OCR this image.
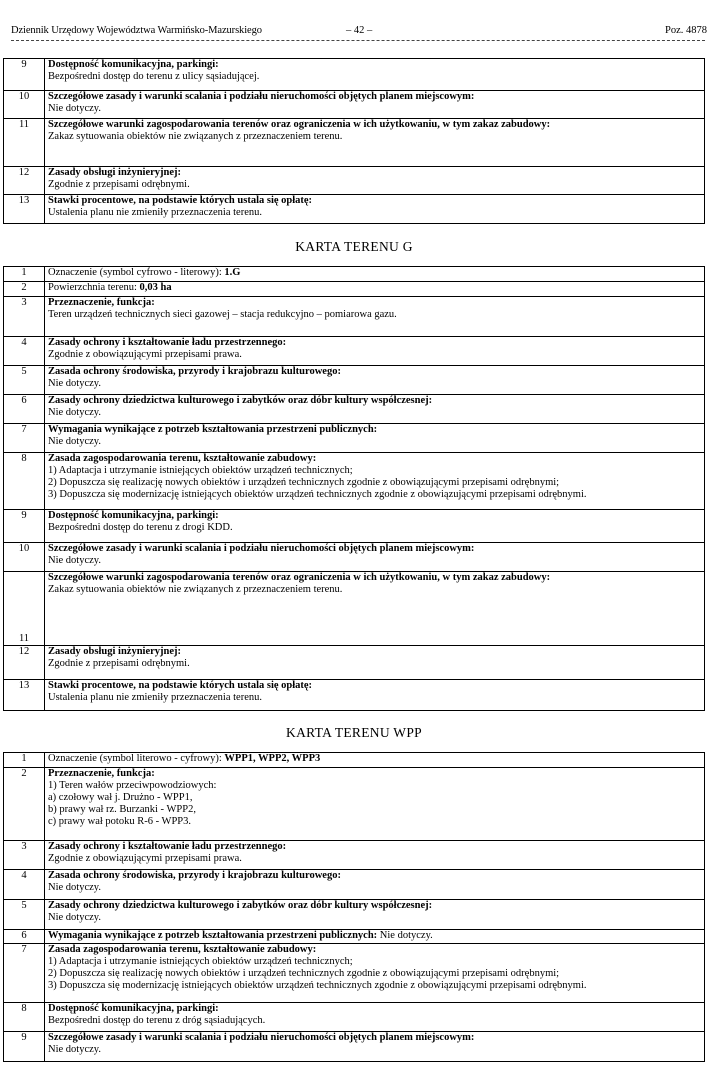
Dziennik Urzędowy Województwa Warmińsko-Mazurskiego	– 42 –	Poz. 4878
9	Dostępność komunikacyjna, parkingi:
Bezpośredni dostęp do terenu z ulicy sąsiadującej.

10	Szczegółowe zasady i warunki scalania i podziału nieruchomości objętych planem miejscowym:
Nie dotyczy.

11	Szczegółowe warunki zagospodarowania terenów oraz ograniczenia w ich użytkowaniu, w tym zakaz zabudowy:
Zakaz sytuowania obiektów nie związanych z przeznaczeniem terenu.

12	Zasady obsługi inżynieryjnej:
Zgodnie z przepisami odrębnymi.

13	Stawki procentowe, na podstawie których ustala się opłatę:
Ustalenia planu nie zmieniły przeznaczenia terenu.
KARTA TERENU G
1	Oznaczenie (symbol cyfrowo - literowy): 1.G
2	Powierzchnia terenu: 0,03 ha
3	Przeznaczenie, funkcja:
Teren urządzeń technicznych sieci gazowej – stacja redukcyjno – pomiarowa gazu.

4	Zasady ochrony i kształtowanie ładu przestrzennego:
Zgodnie z obowiązującymi przepisami prawa.

5	Zasada ochrony środowiska, przyrody i krajobrazu kulturowego:
Nie dotyczy.

6	Zasady ochrony dziedzictwa kulturowego i zabytków oraz dóbr kultury współczesnej:
Nie dotyczy.

7	Wymagania wynikające z potrzeb kształtowania przestrzeni publicznych:
Nie dotyczy.

8	Zasada zagospodarowania terenu, kształtowanie zabudowy:
1) Adaptacja i utrzymanie istniejących obiektów urządzeń technicznych;
2) Dopuszcza się realizację nowych obiektów i urządzeń technicznych zgodnie z obowiązującymi przepisami odrębnymi;
3) Dopuszcza się modernizację istniejących obiektów urządzeń technicznych zgodnie z obowiązującymi przepisami odrębnymi.

9	Dostępność komunikacyjna, parkingi:
Bezpośredni dostęp do terenu z drogi KDD.

10	Szczegółowe zasady i warunki scalania i podziału nieruchomości objętych planem miejscowym:
Nie dotyczy.

11	Szczegółowe warunki zagospodarowania terenów oraz ograniczenia w ich użytkowaniu, w tym zakaz zabudowy:
Zakaz sytuowania obiektów nie związanych z przeznaczeniem terenu.

12	Zasady obsługi inżynieryjnej:
Zgodnie z przepisami odrębnymi.

13	Stawki procentowe, na podstawie których ustala się opłatę:
Ustalenia planu nie zmieniły przeznaczenia terenu.
KARTA TERENU WPP
1	Oznaczenie (symbol literowo - cyfrowy): WPP1, WPP2, WPP3
2	Przeznaczenie, funkcja:
1) Teren wałów przeciwpowodziowych:
a) czołowy wał j. Drużno - WPP1,
b) prawy wał rz. Burzanki - WPP2,
c) prawy wał potoku R-6 - WPP3.

3	Zasady ochrony i kształtowanie ładu przestrzennego:
Zgodnie z obowiązującymi przepisami prawa.

4	Zasada ochrony środowiska, przyrody i krajobrazu kulturowego:
Nie dotyczy.

5	Zasady ochrony dziedzictwa kulturowego i zabytków oraz dóbr kultury współczesnej:
Nie dotyczy.

6	Wymagania wynikające z potrzeb kształtowania przestrzeni publicznych: Nie dotyczy.
7	Zasada zagospodarowania terenu, kształtowanie zabudowy:
1) Adaptacja i utrzymanie istniejących obiektów urządzeń technicznych;
2) Dopuszcza się realizację nowych obiektów i urządzeń technicznych zgodnie z obowiązującymi przepisami odrębnymi;
3) Dopuszcza się modernizację istniejących obiektów urządzeń technicznych zgodnie z obowiązującymi przepisami odrębnymi.

8	Dostępność komunikacyjna, parkingi:
Bezpośredni dostęp do terenu z dróg sąsiadujących.

9	Szczegółowe zasady i warunki scalania i podziału nieruchomości objętych planem miejscowym:
Nie dotyczy.
